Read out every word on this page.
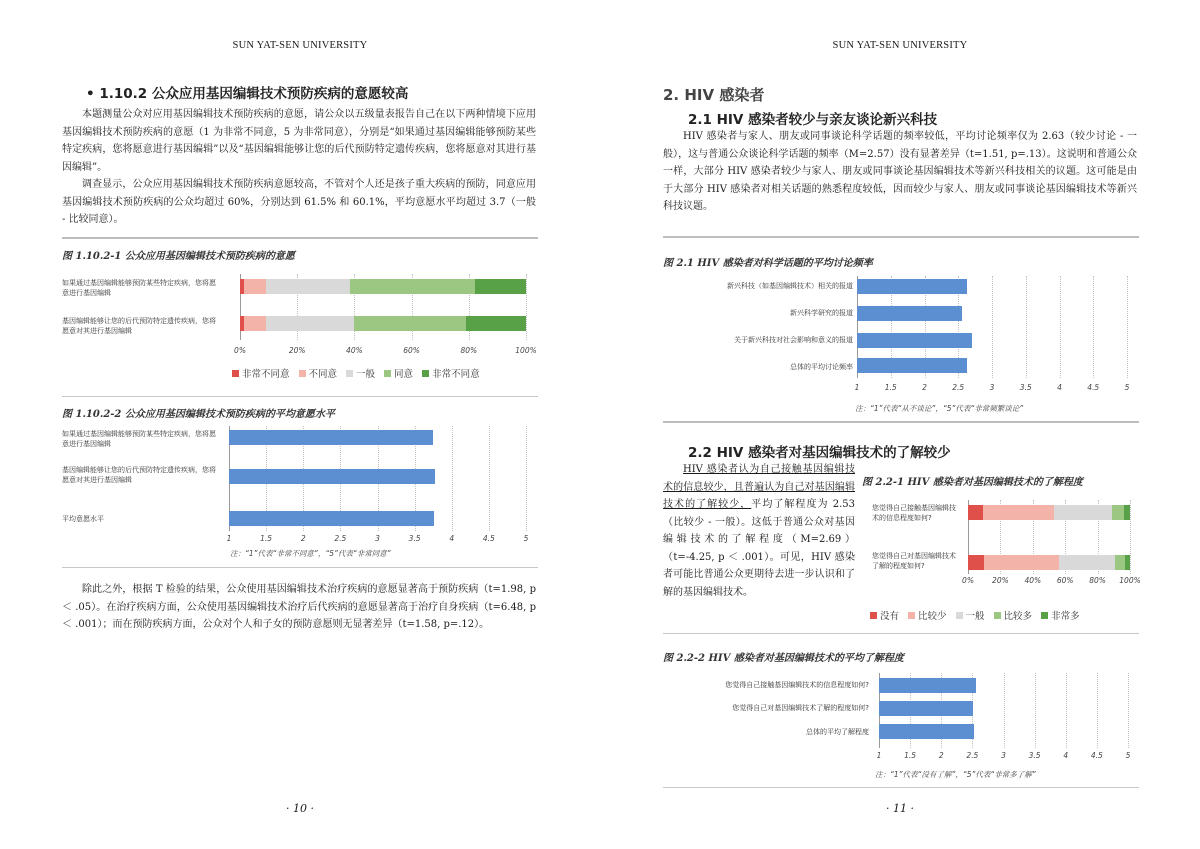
SUN YAT-SEN UNIVERSITY
• 1.10.2 公众应用基因编辑技术预防疾病的意愿较高

本题测量公众对应用基因编辑技术预防疾病的意愿，请公众以五级量表报告自己在以下两种情境下应用基因编辑技术预防疾病的意愿（1 为非常不同意，5 为非常同意），分别是“如果通过基因编辑能够预防某些特定疾病，您将愿意进行基因编辑”以及“基因编辑能够让您的后代预防特定遗传疾病，您将愿意对其进行基因编辑”。

调查显示，公众应用基因编辑技术预防疾病意愿较高，不管对个人还是孩子重大疾病的预防，同意应用基因编辑技术预防疾病的公众均超过 60%，分别达到 61.5% 和 60.1%，平均意愿水平均超过 3.7（一般 - 比较同意）。

图 1.10.2-1 公众应用基因编辑技术预防疾病的意愿
如果通过基因编辑能够预防某些特定疾病，您将愿意进行基因编辑
基因编辑能够让您的后代预防特定遗传疾病，您将愿意对其进行基因编辑
非常不同意	不同意	一般	同意	非常不同意
图 1.10.2-2 公众应用基因编辑技术预防疾病的平均意愿水平
如果通过基因编辑能够预防某些特定疾病，您将愿意进行基因编辑
基因编辑能够让您的后代预防特定遗传疾病，您将愿意对其进行基因编辑
平均意愿水平
注：“1”代表“非常不同意”，“5”代表“非常同意”

除此之外，根据 T 检验的结果，公众使用基因编辑技术治疗疾病的意愿显著高于预防疾病（t=1.98, p ＜ .05）。在治疗疾病方面，公众使用基因编辑技术治疗后代疾病的意愿显著高于治疗自身疾病（t=6.48, p ＜ .001）；而在预防疾病方面，公众对个人和子女的预防意愿则无显著差异（t=1.58, p=.12）。

· 10 ·
0%	20%	40%	60%	80%	100%
1	1.5	2	2.5	3	3.5	4	4.5	5
SUN YAT-SEN UNIVERSITY
2. HIV 感染者
2.1 HIV 感染者较少与亲友谈论新兴科技

HIV 感染者与家人、朋友或同事谈论科学话题的频率较低，平均讨论频率仅为 2.63（较少讨论 - 一般），这与普通公众谈论科学话题的频率（M=2.57）没有显著差异（t=1.51, p=.13）。这说明和普通公众一样，大部分 HIV 感染者较少与家人、朋友或同事谈论基因编辑技术等新兴科技相关的议题。这可能是由于大部分 HIV 感染者对相关话题的熟悉程度较低，因而较少与家人、朋友或同事谈论基因编辑技术等新兴科技议题。

图 2.1 HIV 感染者对科学话题的平均讨论频率
新兴科技（如基因编辑技术）相关的报道
新兴科学研究的报道
关于新兴科技对社会影响和意义的报道
总体的平均讨论频率
注：“1”代表“从不谈论”，“5”代表“非常频繁谈论”
2.2 HIV 感染者对基因编辑技术的了解较少

HIV 感染者认为自己接触基因编辑技术的信息较少，且普遍认为自己对基因编辑技术的了解较少，平均了解程度为 2.53（比较少 - 一般）。这低于普通公众对基因编辑技术的了解程度（M=2.69）（t=-4.25, p ＜ .001）。可见，HIV 感染者可能比普通公众更期待去进一步认识和了解的基因编辑技术。

图 2.2-1 HIV 感染者对基因编辑技术的了解程度
您觉得自己接触基因编辑技术的信息程度如何?
您觉得自己对基因编辑技术了解的程度如何?
没有	比较少	一般	比较多	非常多
图 2.2-2 HIV 感染者对基因编辑技术的平均了解程度
您觉得自己接触基因编辑技术的信息程度如何?
您觉得自己对基因编辑技术了解的程度如何?
总体的平均了解程度
注：“1”代表“没有了解”，“5”代表“非常多了解”
· 11 ·
1	1.5	2	2.5	3	3.5	4	4.5	5
0% 20% 40% 60% 80% 100%
1	1.5	2	2.5	3	3.5	4	4.5	5
